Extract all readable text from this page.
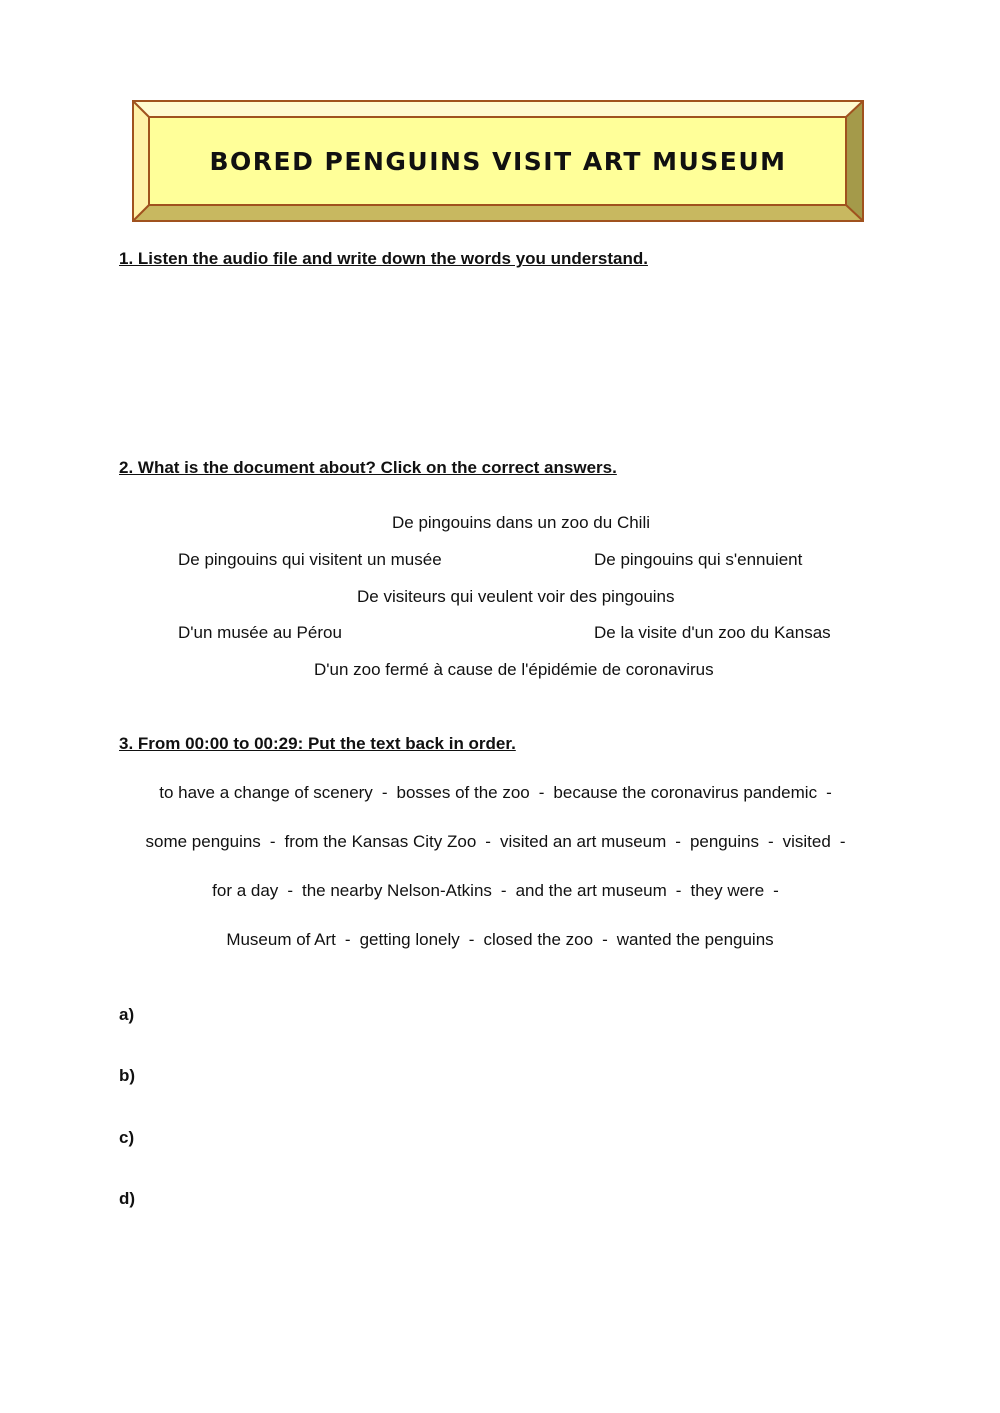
BORED PENGUINS VISIT ART MUSEUM
1. Listen the audio file and write down the words you understand.
2. What is the document about? Click on the correct answers.
De pingouins dans un zoo du Chili
De pingouins qui visitent un musée	De pingouins qui s'ennuient
De visiteurs qui veulent voir des pingouins
D'un musée au Pérou	De la visite d'un zoo du Kansas
D'un zoo fermé à cause de l'épidémie de coronavirus
3. From 00:00 to 00:29: Put the text back in order.
to have a change of scenery - bosses of the zoo - because the coronavirus pandemic -
some penguins - from the Kansas City Zoo - visited an art museum - penguins - visited -
for a day - the nearby Nelson-Atkins - and the art museum - they were -
Museum of Art - getting lonely - closed the zoo - wanted the penguins
a)
b)
c)
d)
